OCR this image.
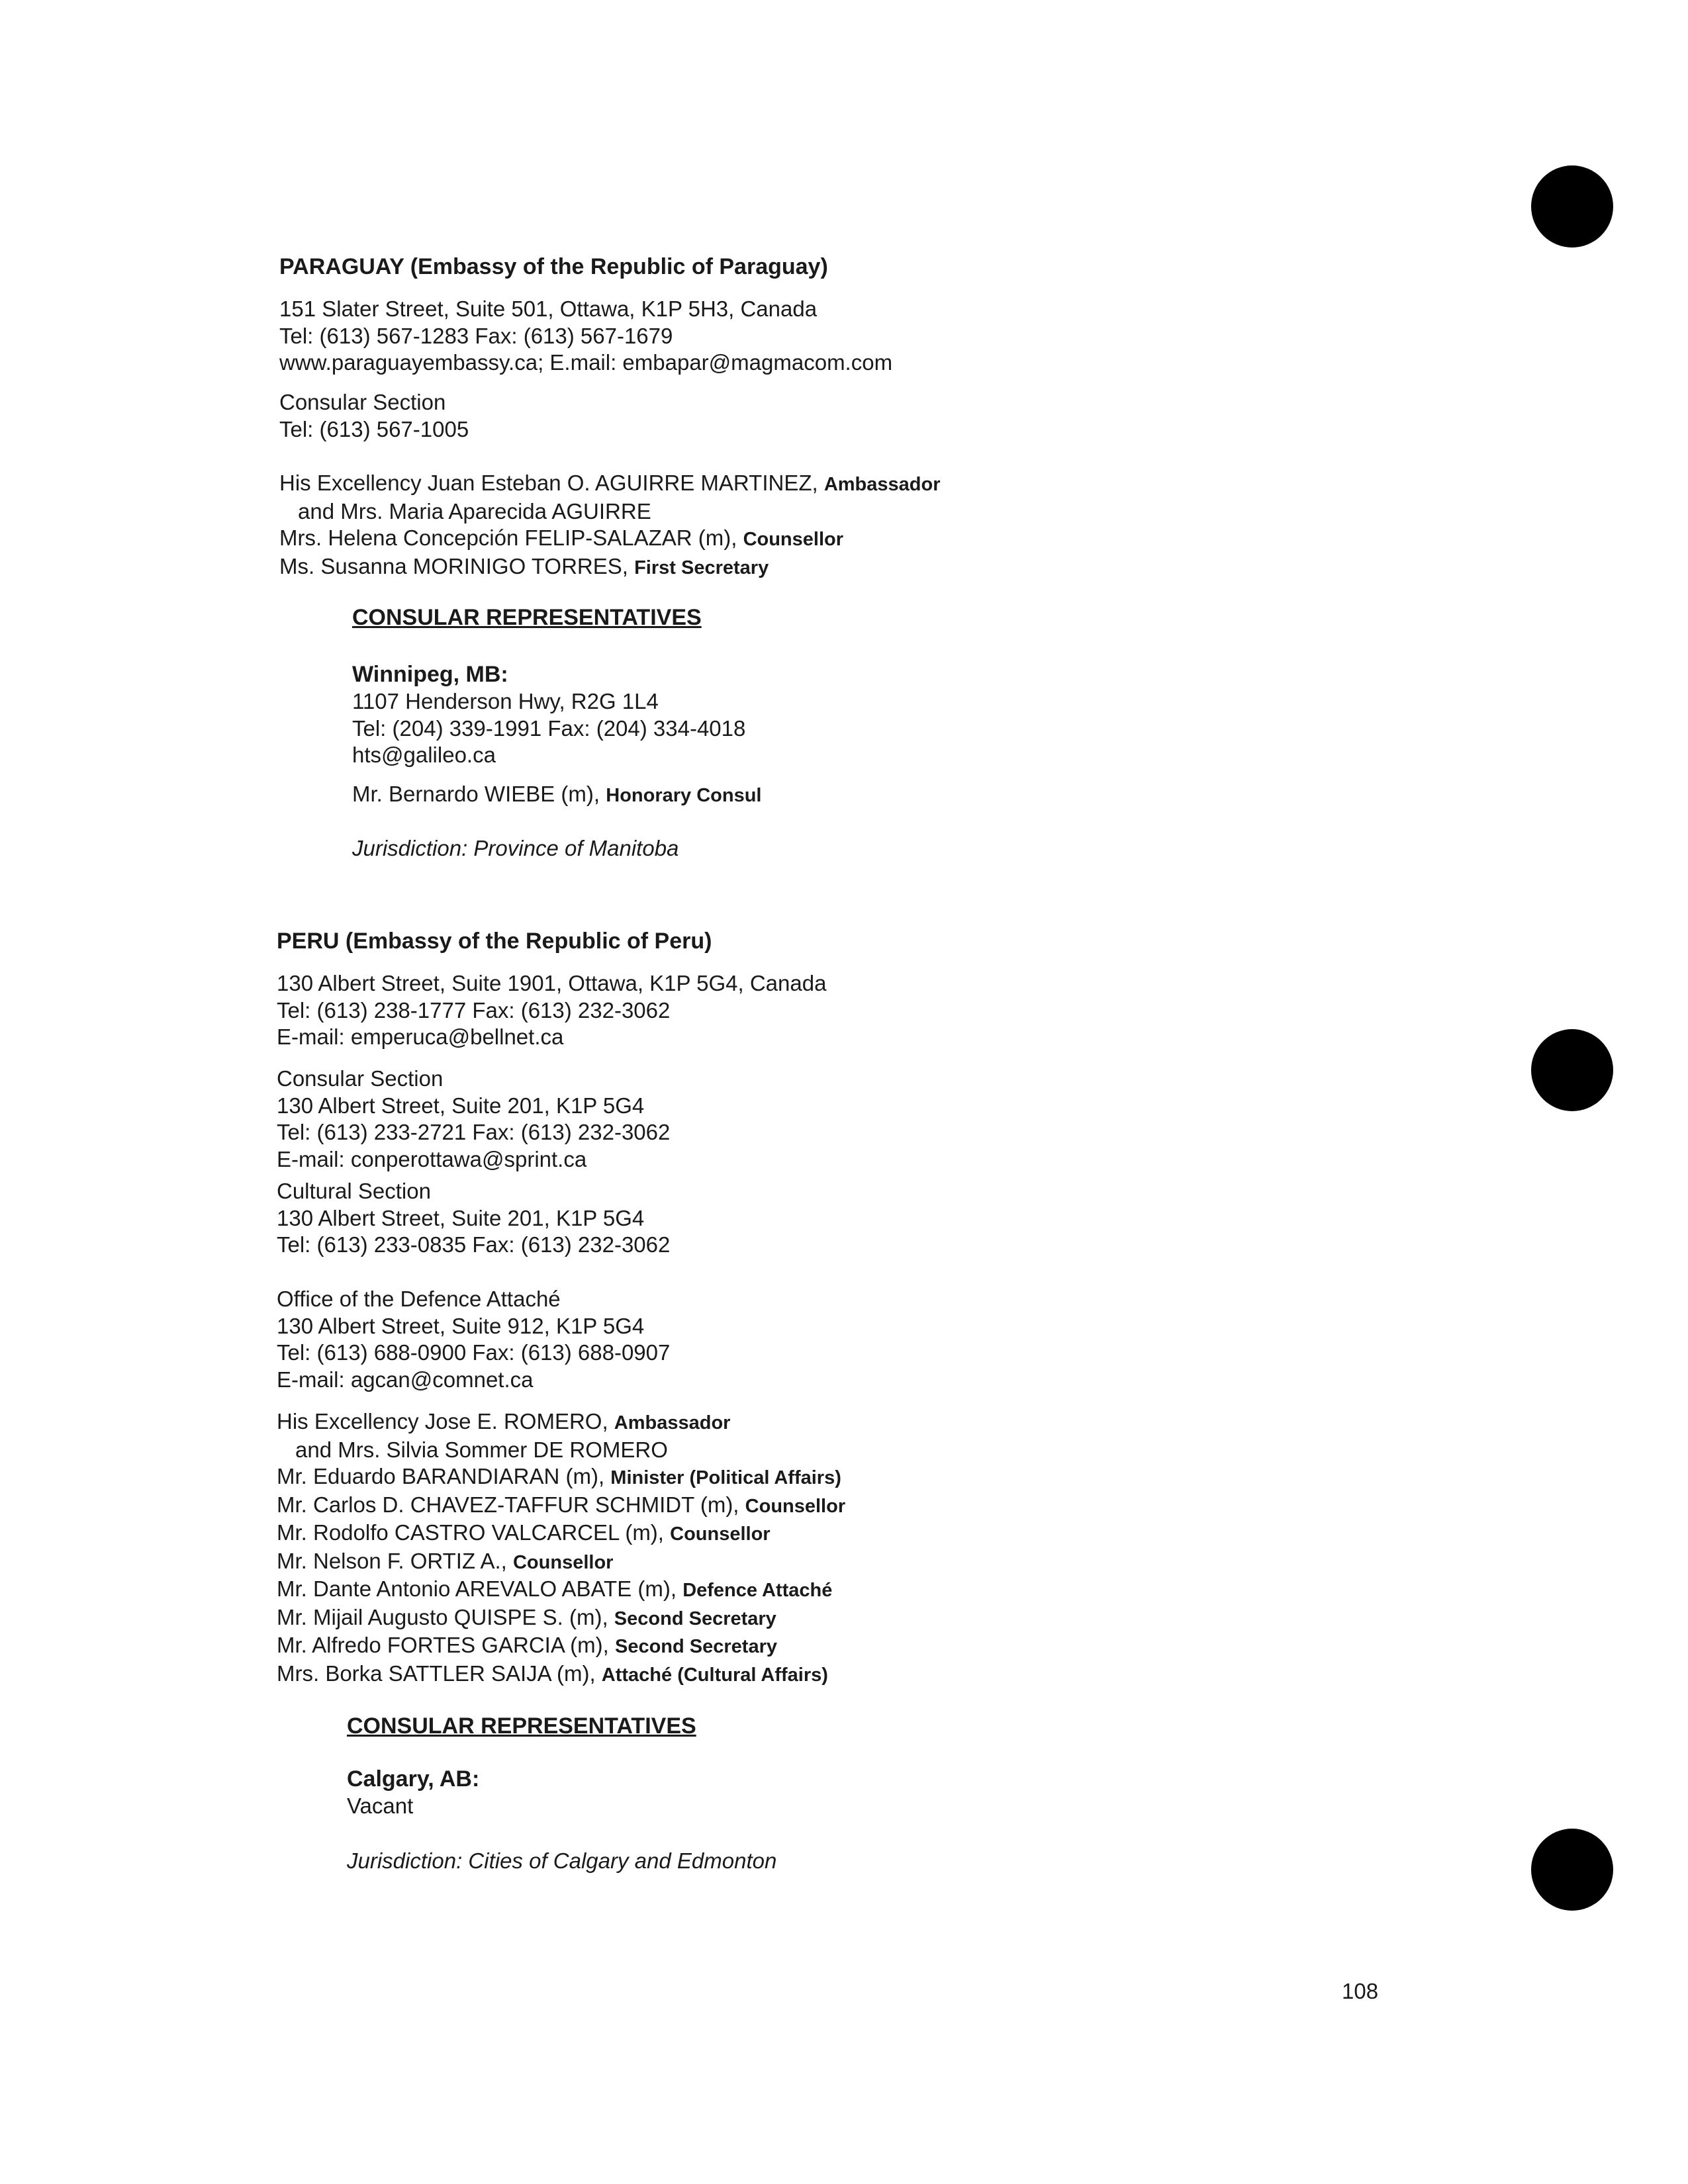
PARAGUAY (Embassy of the Republic of Paraguay)
151 Slater Street, Suite 501, Ottawa, K1P 5H3, Canada
Tel: (613) 567-1283 Fax: (613) 567-1679
www.paraguayembassy.ca; E.mail: embapar@magmacom.com
Consular Section
Tel: (613) 567-1005
His Excellency Juan Esteban O. AGUIRRE MARTINEZ, Ambassador
and Mrs. Maria Aparecida AGUIRRE
Mrs. Helena Concepción FELIP-SALAZAR (m), Counsellor
Ms. Susanna MORINIGO TORRES, First Secretary
CONSULAR REPRESENTATIVES
Winnipeg, MB:
1107 Henderson Hwy, R2G 1L4
Tel: (204) 339-1991 Fax: (204) 334-4018
hts@galileo.ca
Mr. Bernardo WIEBE (m), Honorary Consul
Jurisdiction: Province of Manitoba
PERU (Embassy of the Republic of Peru)
130 Albert Street, Suite 1901, Ottawa, K1P 5G4, Canada
Tel: (613) 238-1777 Fax: (613) 232-3062
E-mail: emperuca@bellnet.ca
Consular Section
130 Albert Street, Suite 201, K1P 5G4
Tel: (613) 233-2721 Fax: (613) 232-3062
E-mail: conperottawa@sprint.ca
Cultural Section
130 Albert Street, Suite 201, K1P 5G4
Tel: (613) 233-0835 Fax: (613) 232-3062
Office of the Defence Attaché
130 Albert Street, Suite 912, K1P 5G4
Tel: (613) 688-0900 Fax: (613) 688-0907
E-mail: agcan@comnet.ca
His Excellency Jose E. ROMERO, Ambassador
and Mrs. Silvia Sommer DE ROMERO
Mr. Eduardo BARANDIARAN (m), Minister (Political Affairs)
Mr. Carlos D. CHAVEZ-TAFFUR SCHMIDT (m), Counsellor
Mr. Rodolfo CASTRO VALCARCEL (m), Counsellor
Mr. Nelson F. ORTIZ A., Counsellor
Mr. Dante Antonio AREVALO ABATE (m), Defence Attaché
Mr. Mijail Augusto QUISPE S. (m), Second Secretary
Mr. Alfredo FORTES GARCIA (m), Second Secretary
Mrs. Borka SATTLER SAIJA (m), Attaché (Cultural Affairs)
CONSULAR REPRESENTATIVES
Calgary, AB:
Vacant
Jurisdiction: Cities of Calgary and Edmonton
108
